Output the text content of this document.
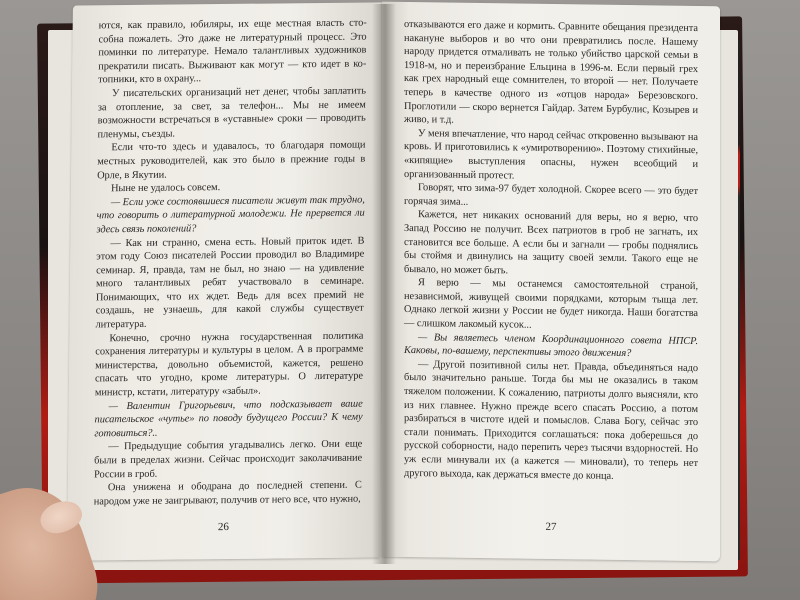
ются, как правило, юбиляры, их еще местная власть сто-собна пожалеть. Это даже не литературный процесс. Это поминки по литературе. Немало талантливых художников прекратили писать. Выживают как могут — кто идет в ко-топники, кто в охрану...

У писательских организаций нет денег, чтобы заплатить за отопление, за свет, за телефон... Мы не имеем возможности встречаться в «уставные» сроки — проводить пленумы, съезды.

Если что-то здесь и удавалось, то благодаря помощи местных руководителей, как это было в прежние годы в Орле, в Якутии.

Ныне не удалось совсем.

— Если уже состоявшиеся писатели живут так трудно, что говорить о литературной молодежи. Не прервется ли здесь связь поколений?

— Как ни странно, смена есть. Новый приток идет. В этом году Союз писателей России проводил во Владимире семинар. Я, правда, там не был, но знаю — на удивление много талантливых ребят участвовало в семинаре. Понимающих, что их ждет. Ведь для всех премий не создашь, не узнаешь, для какой службы существует литература.

Конечно, срочно нужна государственная политика сохранения литературы и культуры в целом. А в программе министерства, довольно объемистой, кажется, решено спасать что угодно, кроме литературы. О литературе министр, кстати, литературу «забыл».

— Валентин Григорьевич, что подсказывает ваше писательское «чутье» по поводу будущего России? К чему готовиться?..

— Предыдущие события угадывались легко. Они еще были в пределах жизни. Сейчас происходит заколачивание России в гроб.

Она унижена и ободрана до последней степени. С народом уже не заигрывают, получив от него все, что нужно,

26

отказываются его даже и кормить. Сравните обещания президента накануне выборов и во что они превратились после. Нашему народу придется отмаливать не только убийство царской семьи в 1918-м, но и переизбрание Ельцина в 1996-м. Если первый грех как грех народный еще сомнителен, то второй — нет. Получаете теперь в качестве одного из «отцов народа» Березовского. Проглотили — скоро вернется Гайдар. Затем Бурбулис, Козырев и живо, и т.д.

У меня впечатление, что народ сейчас откровенно вызывают на кровь. И приготовились к «умиротворению». Поэтому стихийные, «кипящие» выступления опасны, нужен всеобщий и организованный протест.

Говорят, что зима-97 будет холодной. Скорее всего — это будет горячая зима...

Кажется, нет никаких оснований для веры, но я верю, что Запад Россию не получит. Всех патриотов в гроб не загнать, их становится все больше. А если бы и загнали — гробы поднялись бы стоймя и двинулись на защиту своей земли. Такого еще не бывало, но может быть.

Я верю — мы останемся самостоятельной страной, независимой, живущей своими порядками, которым тыща лет. Однако легкой жизни у России не будет никогда. Наши богатства — слишком лакомый кусок...

— Вы являетесь членом Координационного совета НПСР. Каковы, по-вашему, перспективы этого движения?

— Другой позитивной силы нет. Правда, объединяться надо было значительно раньше. Тогда бы мы не оказались в таком тяжелом положении. К сожалению, патриоты долго выясняли, кто из них главнее. Нужно прежде всего спасать Россию, а потом разбираться в чистоте идей и помыслов. Слава Богу, сейчас это стали понимать. Приходится соглашаться: пока доберешься до русской соборности, надо перепить через тысячи вздорностей. Но уж если минували их (а кажется — миновали), то теперь нет другого выхода, как держаться вместе до конца.

27
